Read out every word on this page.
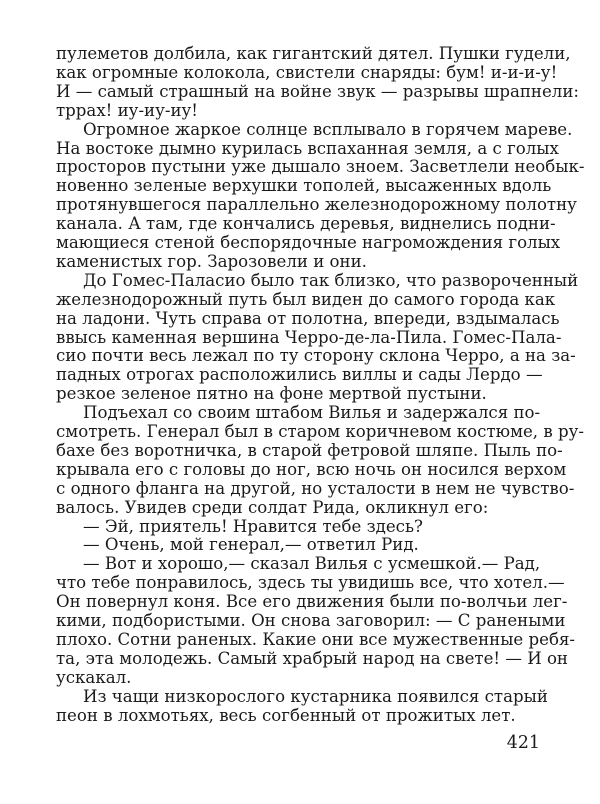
пулеметов долбила, как гигантский дятел. Пушки гудели,
как огромные колокола, свистели снаряды: бум! и-и-и-у!
И — самый страшный на войне звук — разрывы шрапнели:
тррах! иу-иу-иу!
Огромное жаркое солнце всплывало в горячем мареве.
На востоке дымно курилась вспаханная земля, а с голых
просторов пустыни уже дышало зноем. Засветлели необык-
новенно зеленые верхушки тополей, высаженных вдоль
протянувшегося параллельно железнодорожному полотну
канала. А там, где кончались деревья, виднелись подни-
мающиеся стеной беспорядочные нагромождения голых
каменистых гор. Зарозовели и они.
До Гомес-Паласио было так близко, что развороченный
железнодорожный путь был виден до самого города как
на ладони. Чуть справа от полотна, впереди, вздымалась
ввысь каменная вершина Черро-де-ла-Пила. Гомес-Пала-
сио почти весь лежал по ту сторону склона Черро, а на за-
падных отрогах расположились виллы и сады Лердо —
резкое зеленое пятно на фоне мертвой пустыни.
Подъехал со своим штабом Вилья и задержался по-
смотреть. Генерал был в старом коричневом костюме, в ру-
бахе без воротничка, в старой фетровой шляпе. Пыль по-
крывала его с головы до ног, всю ночь он носился верхом
с одного фланга на другой, но усталости в нем не чувство-
валось. Увидев среди солдат Рида, окликнул его:
— Эй, приятель! Нравится тебе здесь?
— Очень, мой генерал,— ответил Рид.
— Вот и хорошо,— сказал Вилья с усмешкой.— Рад,
что тебе понравилось, здесь ты увидишь все, что хотел.—
Он повернул коня. Все его движения были по-волчьи лег-
кими, подбористыми. Он снова заговорил: — С ранеными
плохо. Сотни раненых. Какие они все мужественные ребя-
та, эта молодежь. Самый храбрый народ на свете! — И он
ускакал.
Из чащи низкорослого кустарника появился старый
пеон в лохмотьях, весь согбенный от прожитых лет.
421
